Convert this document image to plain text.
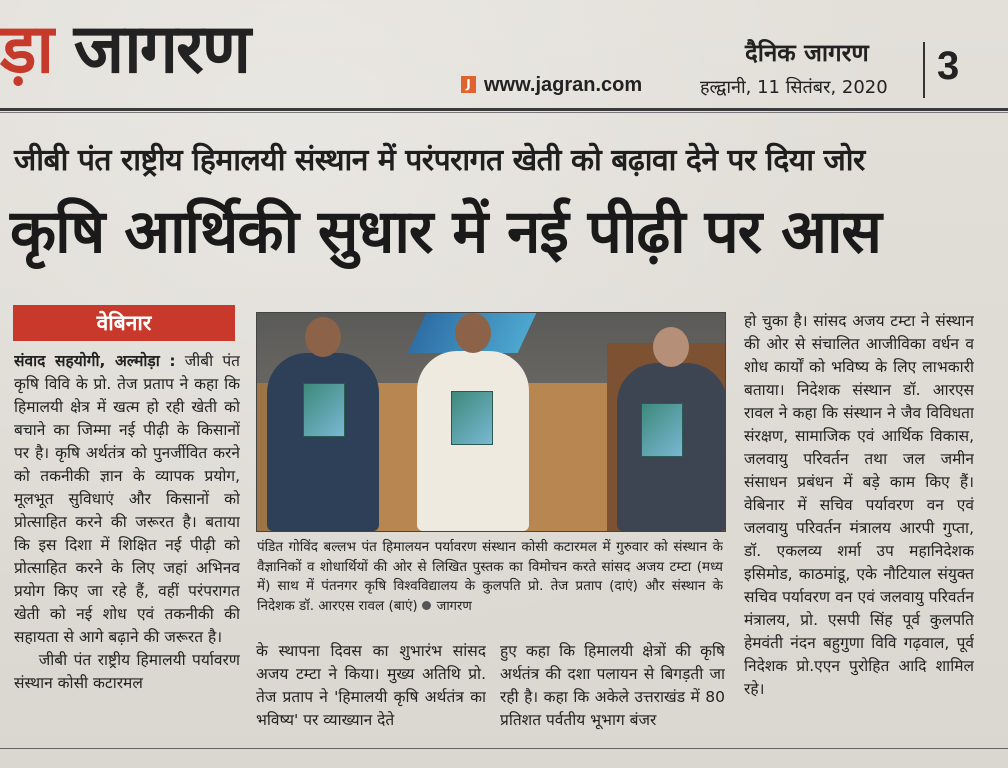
ड़ा जागरण	J www.jagran.com
दैनिक जागरण
हल्द्वानी, 11 सितंबर, 2020 3
जीबी पंत राष्ट्रीय हिमालयी संस्थान में परंपरागत खेती को बढ़ावा देने पर दिया जोर
कृषि आर्थिकी सुधार में नई पीढ़ी पर आस
वेबिनार

संवाद सहयोगी, अल्मोड़ा : जीबी पंत कृषि विवि के प्रो. तेज प्रताप ने कहा कि हिमालयी क्षेत्र में खत्म हो रही खेती को बचाने का जिम्मा नई पीढ़ी के किसानों पर है। कृषि अर्थतंत्र को पुनर्जीवित करने को तकनीकी ज्ञान के व्यापक प्रयोग, मूलभूत सुविधाएं और किसानों को प्रोत्साहित करने की जरूरत है। बताया कि इस दिशा में शिक्षित नई पीढ़ी को प्रोत्साहित करने के लिए जहां अभिनव प्रयोग किए जा रहे हैं, वहीं परंपरागत खेती को नई शोध एवं तकनीकी की सहायता से आगे बढ़ाने की जरूरत है।

जीबी पंत राष्ट्रीय हिमालयी पर्यावरण संस्थान कोसी कटारमल

पंडित गोविंद बल्लभ पंत हिमालयन पर्यावरण संस्थान कोसी कटारमल में गुरुवार को संस्थान के वैज्ञानिकों व शोधार्थियों की ओर से लिखित पुस्तक का विमोचन करते सांसद अजय टम्टा (मध्य में) साथ में पंतनगर कृषि विश्वविद्यालय के कुलपति प्रो. तेज प्रताप (दाएं) और संस्थान के निदेशक डॉ. आरएस रावल (बाएं) जागरण

के स्थापना दिवस का शुभारंभ सांसद अजय टम्टा ने किया। मुख्य अतिथि प्रो. तेज प्रताप ने 'हिमालयी कृषि अर्थतंत्र का भविष्य' पर व्याख्यान देते

हुए कहा कि हिमालयी क्षेत्रों की कृषि अर्थतंत्र की दशा पलायन से बिगड़ती जा रही है। कहा कि अकेले उत्तराखंड में 80 प्रतिशत पर्वतीय भूभाग बंजर

हो चुका है। सांसद अजय टम्टा ने संस्थान की ओर से संचालित आजीविका वर्धन व शोध कार्यों को भविष्य के लिए लाभकारी बताया। निदेशक संस्थान डॉ. आरएस रावल ने कहा कि संस्थान ने जैव विविधता संरक्षण, सामाजिक एवं आर्थिक विकास, जलवायु परिवर्तन तथा जल जमीन संसाधन प्रबंधन में बड़े काम किए हैं। वेबिनार में सचिव पर्यावरण वन एवं जलवायु परिवर्तन मंत्रालय आरपी गुप्ता, डॉ. एकलव्य शर्मा उप महानिदेशक इसिमोड, काठमांडू, एके नौटियाल संयुक्त सचिव पर्यावरण वन एवं जलवायु परिवर्तन मंत्रालय, प्रो. एसपी सिंह पूर्व कुलपति हेमवंती नंदन बहुगुणा विवि गढ़वाल, पूर्व निदेशक प्रो.एएन पुरोहित आदि शामिल रहे।
